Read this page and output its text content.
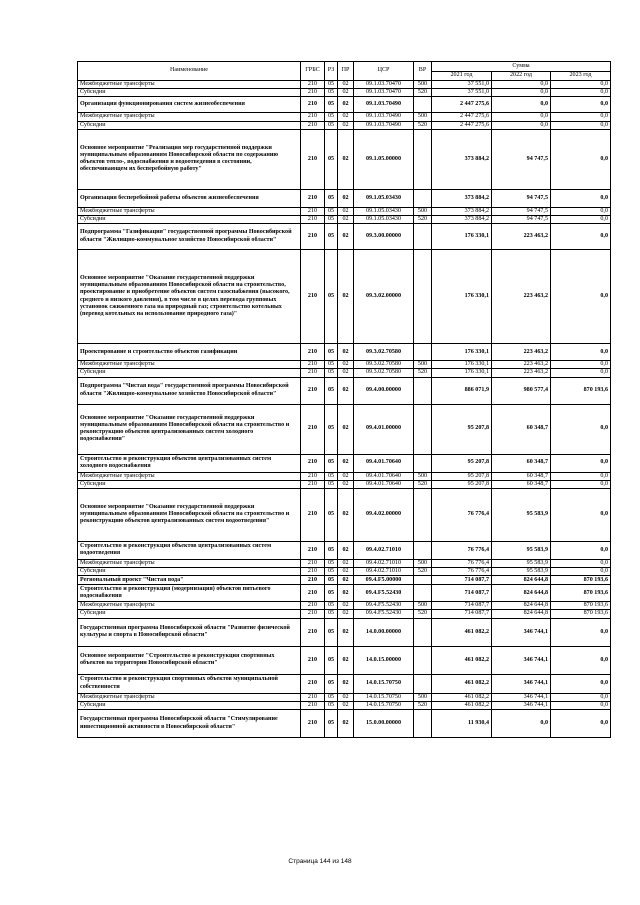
Наименование	ГРБС	РЗ	ПР	ЦСР	ВР	Сумма		
						2021 год	2022 год	2023 год
Межбюджетные трансферты	210	05	02	09.1.03.70470	500	37 551,0	0,0	0,0
Субсидии	210	05	02	09.1.03.70470	520	37 551,0	0,0	0,0
Организация функционирования систем жизнеобеспечения	210	05	02	09.1.03.70490		2 447 275,6	0,0	0,0
Межбюджетные трансферты	210	05	02	09.1.03.70490	500	2 447 275,6	0,0	0,0
Субсидии	210	05	02	09.1.03.70490	520	2 447 275,6	0,0	0,0
Основное мероприятие "Реализация мер государственной поддержки муниципальным образованиям Новосибирской области по содержанию объектов тепло-, водоснабжения и водоотведения в состоянии, обеспечивающем их бесперебойную работу"	210	05	02	09.1.05.00000		373 884,2	94 747,5	0,0
Организация бесперебойной работы объектов жизнеобеспечения	210	05	02	09.1.05.03430		373 884,2	94 747,5	0,0
Межбюджетные трансферты	210	05	02	09.1.05.03430	500	373 884,2	94 747,5	0,0
Субсидии	210	05	02	09.1.05.03430	520	373 884,2	94 747,5	0,0
Подпрограмма "Газификация" государственной программы Новосибирской области "Жилищно-коммунальное хозяйство Новосибирской области"	210	05	02	09.3.00.00000		176 330,1	223 463,2	0,0
Основное мероприятие "Оказание государственной поддержки муниципальным образованиям Новосибирской области на строительство, проектирование и приобретение объектов систем газоснабжения (высокого, среднего и низкого давления), в том числе в целях перевода групповых установок сжиженного газа на природный газ; строительство котельных (перевод котельных на использование природного газа)"	210	05	02	09.3.02.00000		176 330,1	223 463,2	0,0
Проектирование и строительство объектов газификации	210	05	02	09.3.02.70580		176 330,1	223 463,2	0,0
Межбюджетные трансферты	210	05	02	09.3.02.70580	500	176 330,1	223 463,2	0,0
Субсидии	210	05	02	09.3.02.70580	520	176 330,1	223 463,2	0,0
Подпрограмма "Чистая вода" государственной программы Новосибирской области "Жилищно-коммунальное хозяйство Новосибирской области"	210	05	02	09.4.00.00000		886 071,9	980 577,4	870 193,6
Основное мероприятие "Оказание государственной поддержки муниципальным образованиям Новосибирской области на строительство и реконструкцию объектов централизованных систем холодного водоснабжения"	210	05	02	09.4.01.00000		95 207,8	60 348,7	0,0
Строительство и реконструкция объектов централизованных систем холодного водоснабжения	210	05	02	09.4.01.70640		95 207,8	60 348,7	0,0
Межбюджетные трансферты	210	05	02	09.4.01.70640	500	95 207,8	60 348,7	0,0
Субсидии	210	05	02	09.4.01.70640	520	95 207,8	60 348,7	0,0
Основное мероприятие "Оказание государственной поддержки муниципальным образованиям Новосибирской области на строительство и реконструкцию объектов централизованных систем водоотведения"	210	05	02	09.4.02.00000		76 776,4	95 583,9	0,0
Строительство и реконструкция объектов централизованных систем водоотведения	210	05	02	09.4.02.71010		76 776,4	95 583,9	0,0
Межбюджетные трансферты	210	05	02	09.4.02.71010	500	76 776,4	95 583,9	0,0
Субсидии	210	05	02	09.4.02.71010	520	76 776,4	95 583,9	0,0
Региональный проект "Чистая вода"	210	05	02	09.4.F5.00000		714 087,7	824 644,8	870 193,6
Строительство и реконструкция (модернизация) объектов питьевого водоснабжения	210	05	02	09.4.F5.52430		714 087,7	824 644,8	870 193,6
Межбюджетные трансферты	210	05	02	09.4.F5.52430	500	714 087,7	824 644,8	870 193,6
Субсидии	210	05	02	09.4.F5.52430	520	714 087,7	824 644,8	870 193,6
Государственная программа Новосибирской области "Развитие физической культуры и спорта в Новосибирской области"	210	05	02	14.0.00.00000		461 082,2	346 744,1	0,0
Основное мероприятие "Строительство и реконструкция спортивных объектов на территории Новосибирской области"	210	05	02	14.0.15.00000		461 082,2	346 744,1	0,0
Строительство и реконструкция спортивных объектов муниципальной собственности	210	05	02	14.0.15.70750		461 082,2	346 744,1	0,0
Межбюджетные трансферты	210	05	02	14.0.15.70750	500	461 082,2	346 744,1	0,0
Субсидии	210	05	02	14.0.15.70750	520	461 082,2	346 744,1	0,0
Государственная программа Новосибирской области "Стимулирование инвестиционной активности в Новосибирской области"	210	05	02	15.0.00.00000		11 930,4	0,0	0,0
Страница 144 из 148
